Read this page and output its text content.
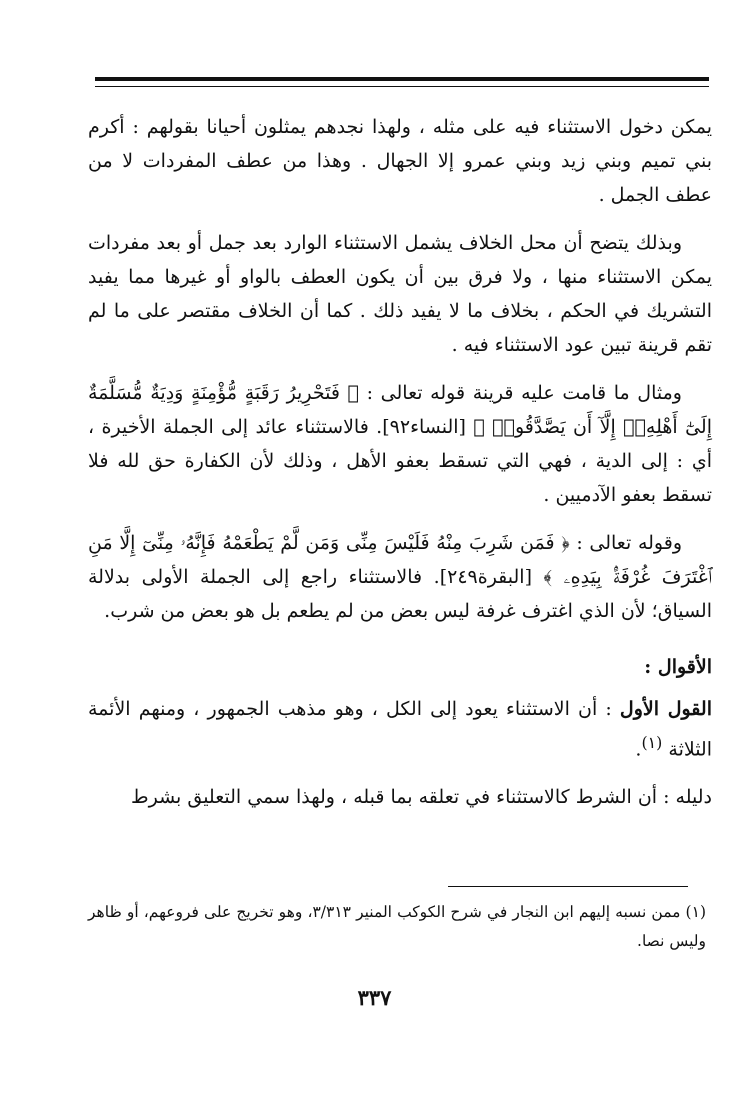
يمكن دخول الاستثناء فيه على مثله ، ولهذا نجدهم يمثلون أحيانا بقولهم : أكرم بني تميم وبني زيد وبني عمرو إلا الجهال . وهذا من عطف المفردات لا من عطف الجمل .

وبذلك يتضح أن محل الخلاف يشمل الاستثناء الوارد بعد جمل أو بعد مفردات يمكن الاستثناء منها ، ولا فرق بين أن يكون العطف بالواو أو غيرها مما يفيد التشريك في الحكم ، بخلاف ما لا يفيد ذلك . كما أن الخلاف مقتصر على ما لم تقم قرينة تبين عود الاستثناء فيه .

ومثال ما قامت عليه قرينة قوله تعالى : ﴿ فَتَحْرِيرُ رَقَبَةٍ مُّؤْمِنَةٍ وَدِيَةٌ مُّسَلَّمَةٌ إِلَىٰٓ أَهْلِهِۦٓ إِلَّآ أَن يَصَّدَّقُوا۟ ﴾ [النساء٩٢]. فالاستثناء عائد إلى الجملة الأخيرة ، أي : إلى الدية ، فهي التي تسقط بعفو الأهل ، وذلك لأن الكفارة حق لله فلا تسقط بعفو الآدميين .

وقوله تعالى : ﴿ فَمَن شَرِبَ مِنْهُ فَلَيْسَ مِنِّى وَمَن لَّمْ يَطْعَمْهُ فَإِنَّهُۥ مِنِّىٓ إِلَّا مَنِ ٱغْتَرَفَ غُرْفَةًۢ بِيَدِهِۦ ﴾ [البقرة٢٤٩]. فالاستثناء راجع إلى الجملة الأولى بدلالة السياق؛ لأن الذي اغترف غرفة ليس بعض من لم يطعم بل هو بعض من شرب.

الأقوال :

القول الأول : أن الاستثناء يعود إلى الكل ، وهو مذهب الجمهور ، ومنهم الأئمة الثلاثة $^{(١)}$.

دليله : أن الشرط كالاستثناء في تعلقه بما قبله ، ولهذا سمي التعليق بشرط

(١) ممن نسبه إليهم ابن النجار في شرح الكوكب المنير ٣/٣١٣، وهو تخريج على فروعهم، أو ظاهر وليس نصا.

٣٣٧
